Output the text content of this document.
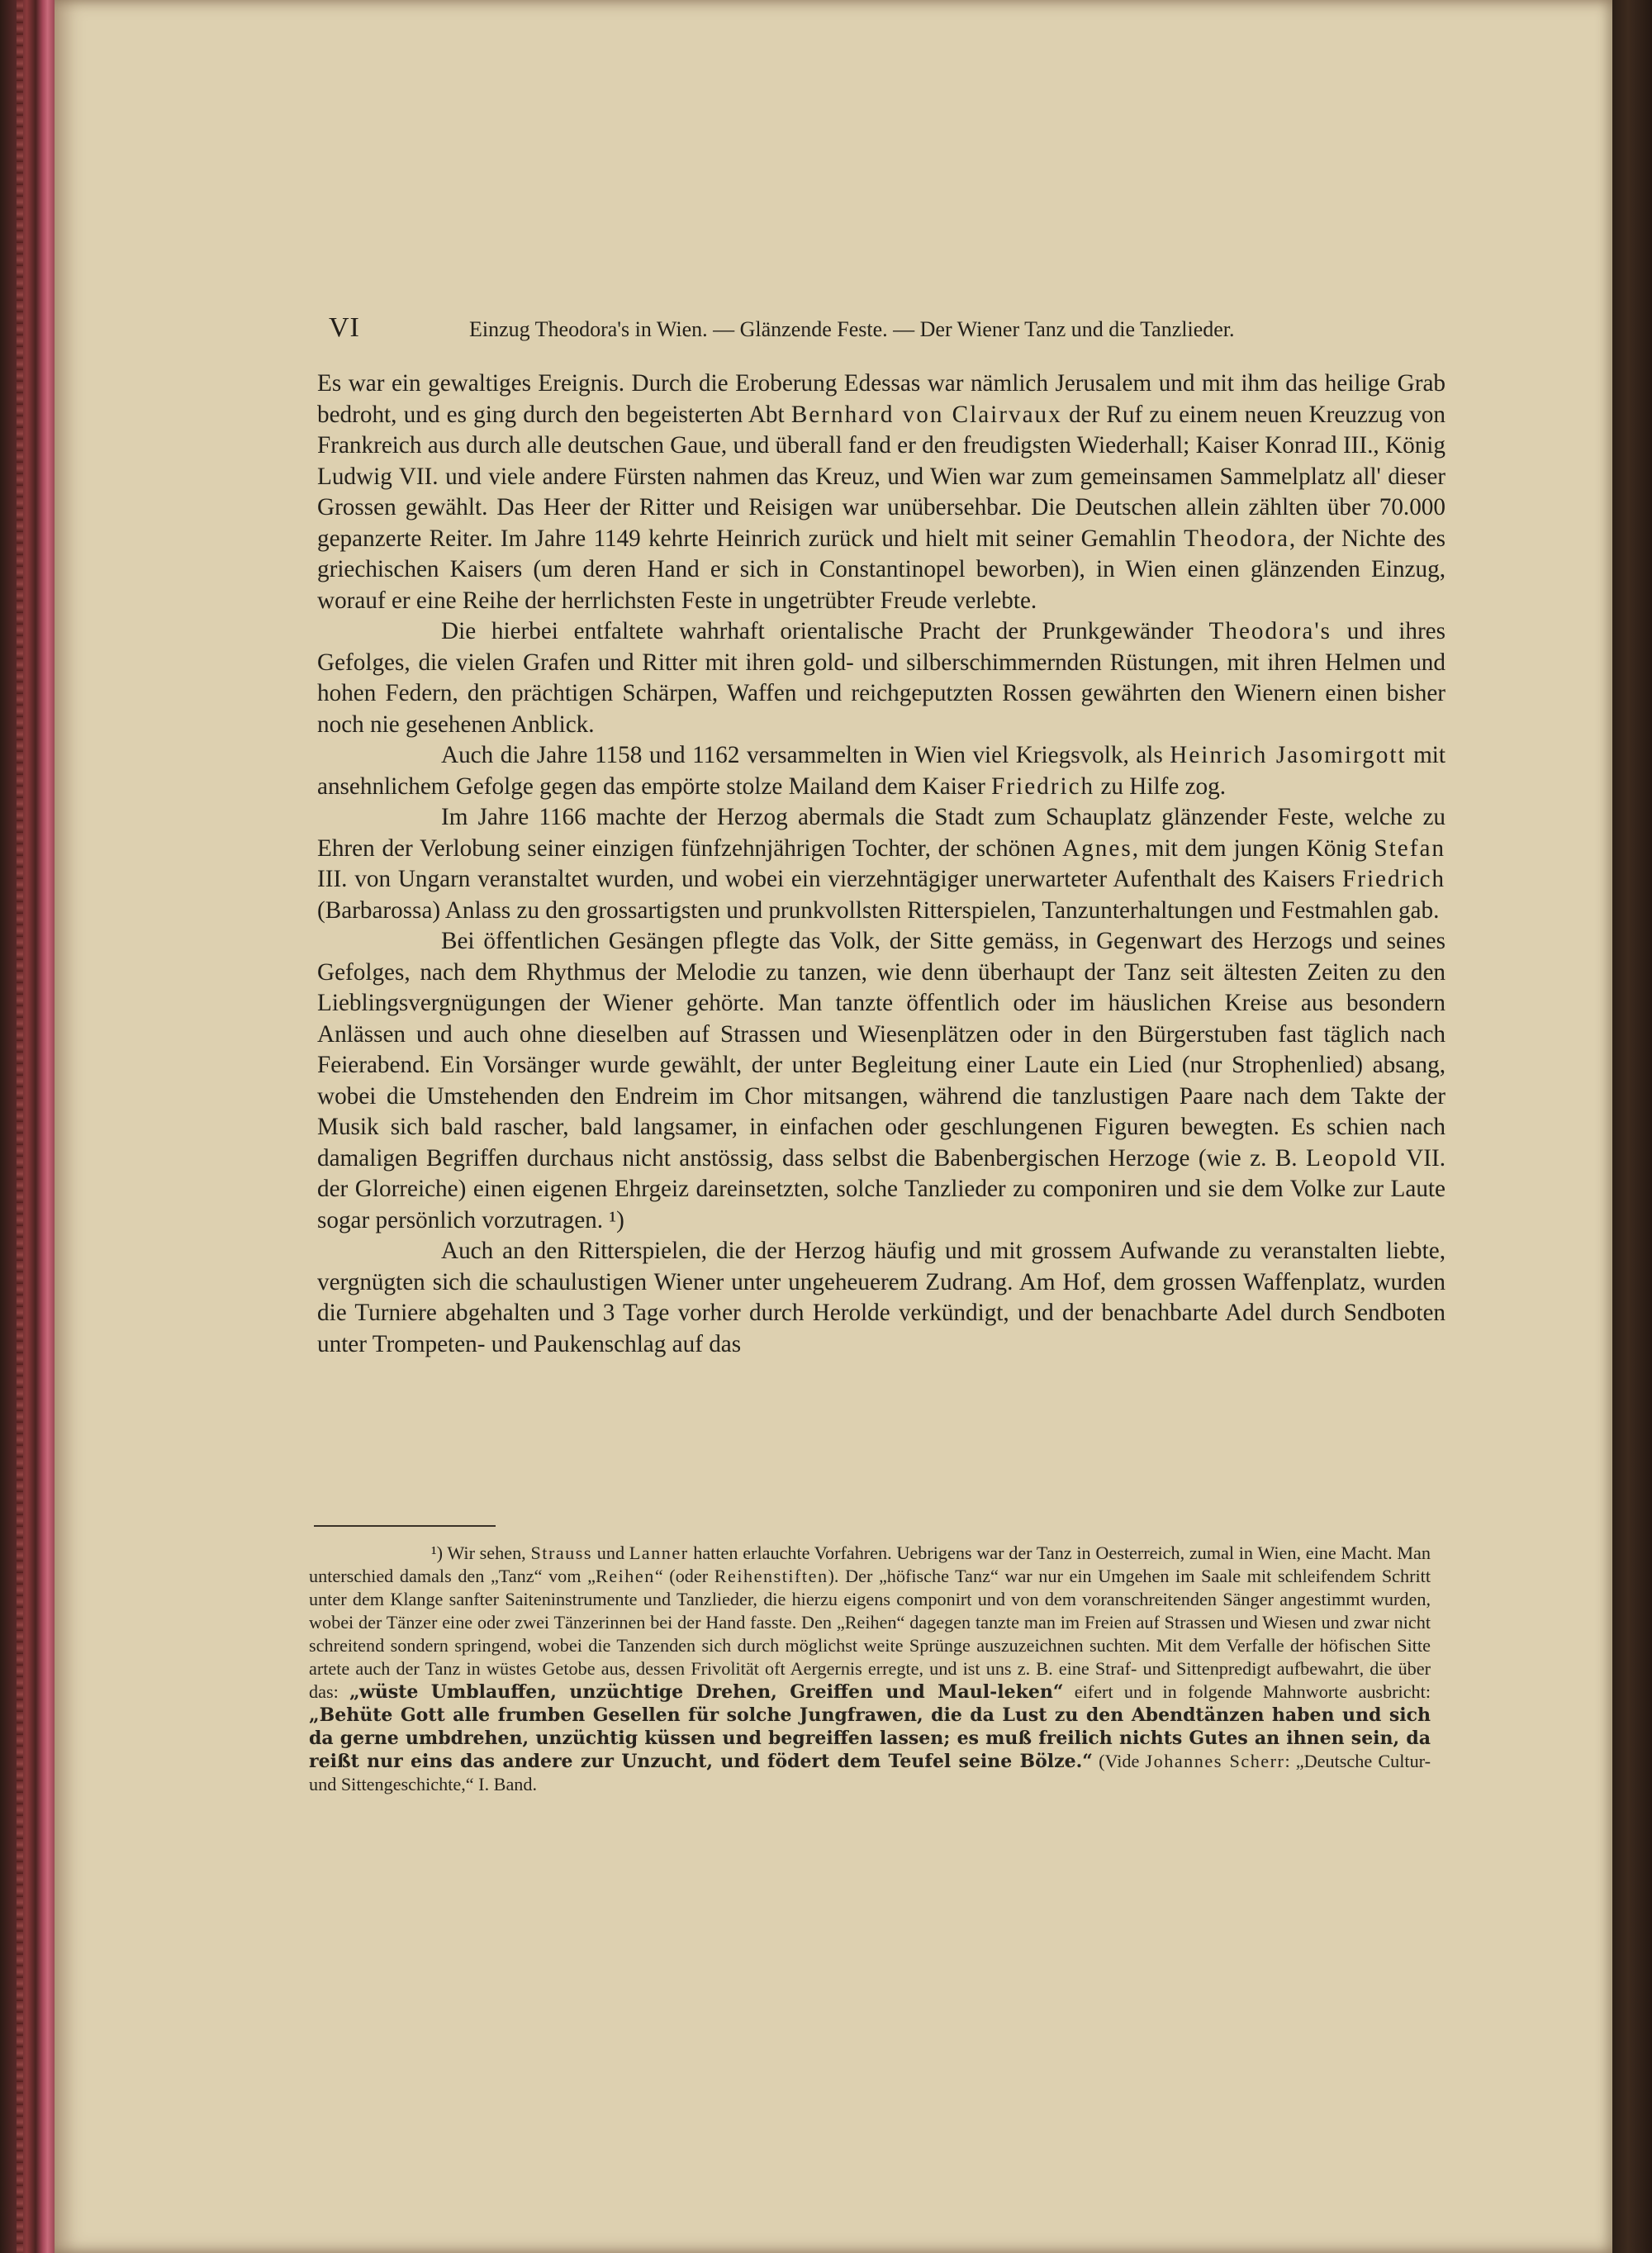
VI	Einzug Theodora's in Wien. — Glänzende Feste. — Der Wiener Tanz und die Tanzlieder.

Es war ein gewaltiges Ereignis. Durch die Eroberung Edessas war nämlich Jerusalem und mit ihm das heilige Grab bedroht, und es ging durch den begeisterten Abt Bernhard von Clairvaux der Ruf zu einem neuen Kreuzzug von Frankreich aus durch alle deutschen Gaue, und überall fand er den freudigsten Wiederhall; Kaiser Konrad III., König Ludwig VII. und viele andere Fürsten nahmen das Kreuz, und Wien war zum gemeinsamen Sammelplatz all' dieser Grossen gewählt. Das Heer der Ritter und Reisigen war unübersehbar. Die Deutschen allein zählten über 70.000 gepanzerte Reiter. Im Jahre 1149 kehrte Heinrich zurück und hielt mit seiner Gemahlin Theodora, der Nichte des griechischen Kaisers (um deren Hand er sich in Constantinopel beworben), in Wien einen glänzenden Einzug, worauf er eine Reihe der herrlichsten Feste in ungetrübter Freude verlebte.

Die hierbei entfaltete wahrhaft orientalische Pracht der Prunkgewänder Theodora's und ihres Gefolges, die vielen Grafen und Ritter mit ihren gold- und silberschimmernden Rüstungen, mit ihren Helmen und hohen Federn, den prächtigen Schärpen, Waffen und reichgeputzten Rossen gewährten den Wienern einen bisher noch nie gesehenen Anblick.

Auch die Jahre 1158 und 1162 versammelten in Wien viel Kriegsvolk, als Heinrich Jasomirgott mit ansehnlichem Gefolge gegen das empörte stolze Mailand dem Kaiser Friedrich zu Hilfe zog.

Im Jahre 1166 machte der Herzog abermals die Stadt zum Schauplatz glänzender Feste, welche zu Ehren der Verlobung seiner einzigen fünfzehnjährigen Tochter, der schönen Agnes, mit dem jungen König Stefan III. von Ungarn veranstaltet wurden, und wobei ein vierzehntägiger unerwarteter Aufenthalt des Kaisers Friedrich (Barbarossa) Anlass zu den grossartigsten und prunkvollsten Ritterspielen, Tanzunterhaltungen und Festmahlen gab.

Bei öffentlichen Gesängen pflegte das Volk, der Sitte gemäss, in Gegenwart des Herzogs und seines Gefolges, nach dem Rhythmus der Melodie zu tanzen, wie denn überhaupt der Tanz seit ältesten Zeiten zu den Lieblingsvergnügungen der Wiener gehörte. Man tanzte öffentlich oder im häuslichen Kreise aus besondern Anlässen und auch ohne dieselben auf Strassen und Wiesenplätzen oder in den Bürgerstuben fast täglich nach Feierabend. Ein Vorsänger wurde gewählt, der unter Begleitung einer Laute ein Lied (nur Strophenlied) absang, wobei die Umstehenden den Endreim im Chor mitsangen, während die tanzlustigen Paare nach dem Takte der Musik sich bald rascher, bald langsamer, in einfachen oder geschlungenen Figuren bewegten. Es schien nach damaligen Begriffen durchaus nicht anstössig, dass selbst die Babenbergischen Herzoge (wie z. B. Leopold VII. der Glorreiche) einen eigenen Ehrgeiz dareinsetzten, solche Tanzlieder zu componiren und sie dem Volke zur Laute sogar persönlich vorzutragen. ¹)

Auch an den Ritterspielen, die der Herzog häufig und mit grossem Aufwande zu veranstalten liebte, vergnügten sich die schaulustigen Wiener unter ungeheuerem Zudrang. Am Hof, dem grossen Waffenplatz, wurden die Turniere abgehalten und 3 Tage vorher durch Herolde verkündigt, und der benachbarte Adel durch Sendboten unter Trompeten- und Paukenschlag auf das

¹) Wir sehen, Strauss und Lanner hatten erlauchte Vorfahren. Uebrigens war der Tanz in Oesterreich, zumal in Wien, eine Macht. Man unterschied damals den „Tanz“ vom „Reihen“ (oder Reihenstiften). Der „höfische Tanz“ war nur ein Umgehen im Saale mit schleifendem Schritt unter dem Klange sanfter Saiteninstrumente und Tanzlieder, die hierzu eigens componirt und von dem voranschreitenden Sänger angestimmt wurden, wobei der Tänzer eine oder zwei Tänzerinnen bei der Hand fasste. Den „Reihen“ dagegen tanzte man im Freien auf Strassen und Wiesen und zwar nicht schreitend sondern springend, wobei die Tanzenden sich durch möglichst weite Sprünge auszuzeichnen suchten. Mit dem Verfalle der höfischen Sitte artete auch der Tanz in wüstes Getobe aus, dessen Frivolität oft Aergernis erregte, und ist uns z. B. eine Straf- und Sittenpredigt aufbewahrt, die über das: „wüste Umblauffen, unzüchtige Drehen, Greiffen und Maul-leken“ eifert und in folgende Mahnworte ausbricht: „Behüte Gott alle frumben Gesellen für solche Jungfrawen, die da Lust zu den Abendtänzen haben und sich da gerne umbdrehen, unzüchtig küssen und begreiffen lassen; es muß freilich nichts Gutes an ihnen sein, da reißt nur eins das andere zur Unzucht, und födert dem Teufel seine Bölze.“ (Vide Johannes Scherr: „Deutsche Cultur- und Sittengeschichte,“ I. Band.
